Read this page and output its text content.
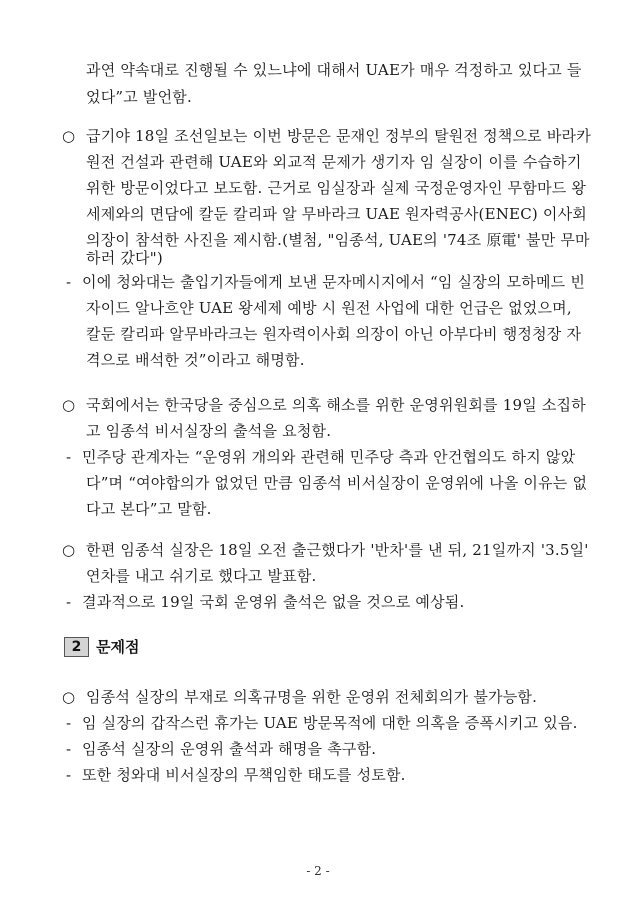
과연 약속대로 진행될 수 있느냐에 대해서 UAE가 매우 걱정하고 있다고 들
었다”고 발언함.
○ 급기야 18일 조선일보는 이번 방문은 문재인 정부의 탈원전 정책으로 바라카
원전 건설과 관련해 UAE와 외교적 문제가 생기자 임 실장이 이를 수습하기
위한 방문이었다고 보도함. 근거로 임실장과 실제 국정운영자인 무함마드 왕
세제와의 면담에 칼둔 칼리파 알 무바라크 UAE 원자력공사(ENEC) 이사회
의장이 참석한 사진을 제시함.(별첨, "임종석, UAE의 '74조 原電' 불만 무마
하러 갔다")
- 이에 청와대는 출입기자들에게 보낸 문자메시지에서 “임 실장의 모하메드 빈
자이드 알나흐얀 UAE 왕세제 예방 시 원전 사업에 대한 언급은 없었으며,
칼둔 칼리파 알무바라크는 원자력이사회 의장이 아닌 아부다비 행정청장 자
격으로 배석한 것”이라고 해명함.
○ 국회에서는 한국당을 중심으로 의혹 해소를 위한 운영위원회를 19일 소집하
고 임종석 비서실장의 출석을 요청함.
- 민주당 관계자는 “운영위 개의와 관련해 민주당 측과 안건협의도 하지 않았
다”며 “여야합의가 없었던 만큼 임종석 비서실장이 운영위에 나올 이유는 없
다고 본다”고 말함.
○ 한편 임종석 실장은 18일 오전 출근했다가 '반차'를 낸 뒤, 21일까지 '3.5일'
연차를 내고 쉬기로 했다고 발표함.
- 결과적으로 19일 국회 운영위 출석은 없을 것으로 예상됨.
2 문제점
○ 임종석 실장의 부재로 의혹규명을 위한 운영위 전체회의가 불가능함.
- 임 실장의 갑작스런 휴가는 UAE 방문목적에 대한 의혹을 증폭시키고 있음.
- 임종석 실장의 운영위 출석과 해명을 촉구함.
- 또한 청와대 비서실장의 무책임한 태도를 성토함.
- 2 -
